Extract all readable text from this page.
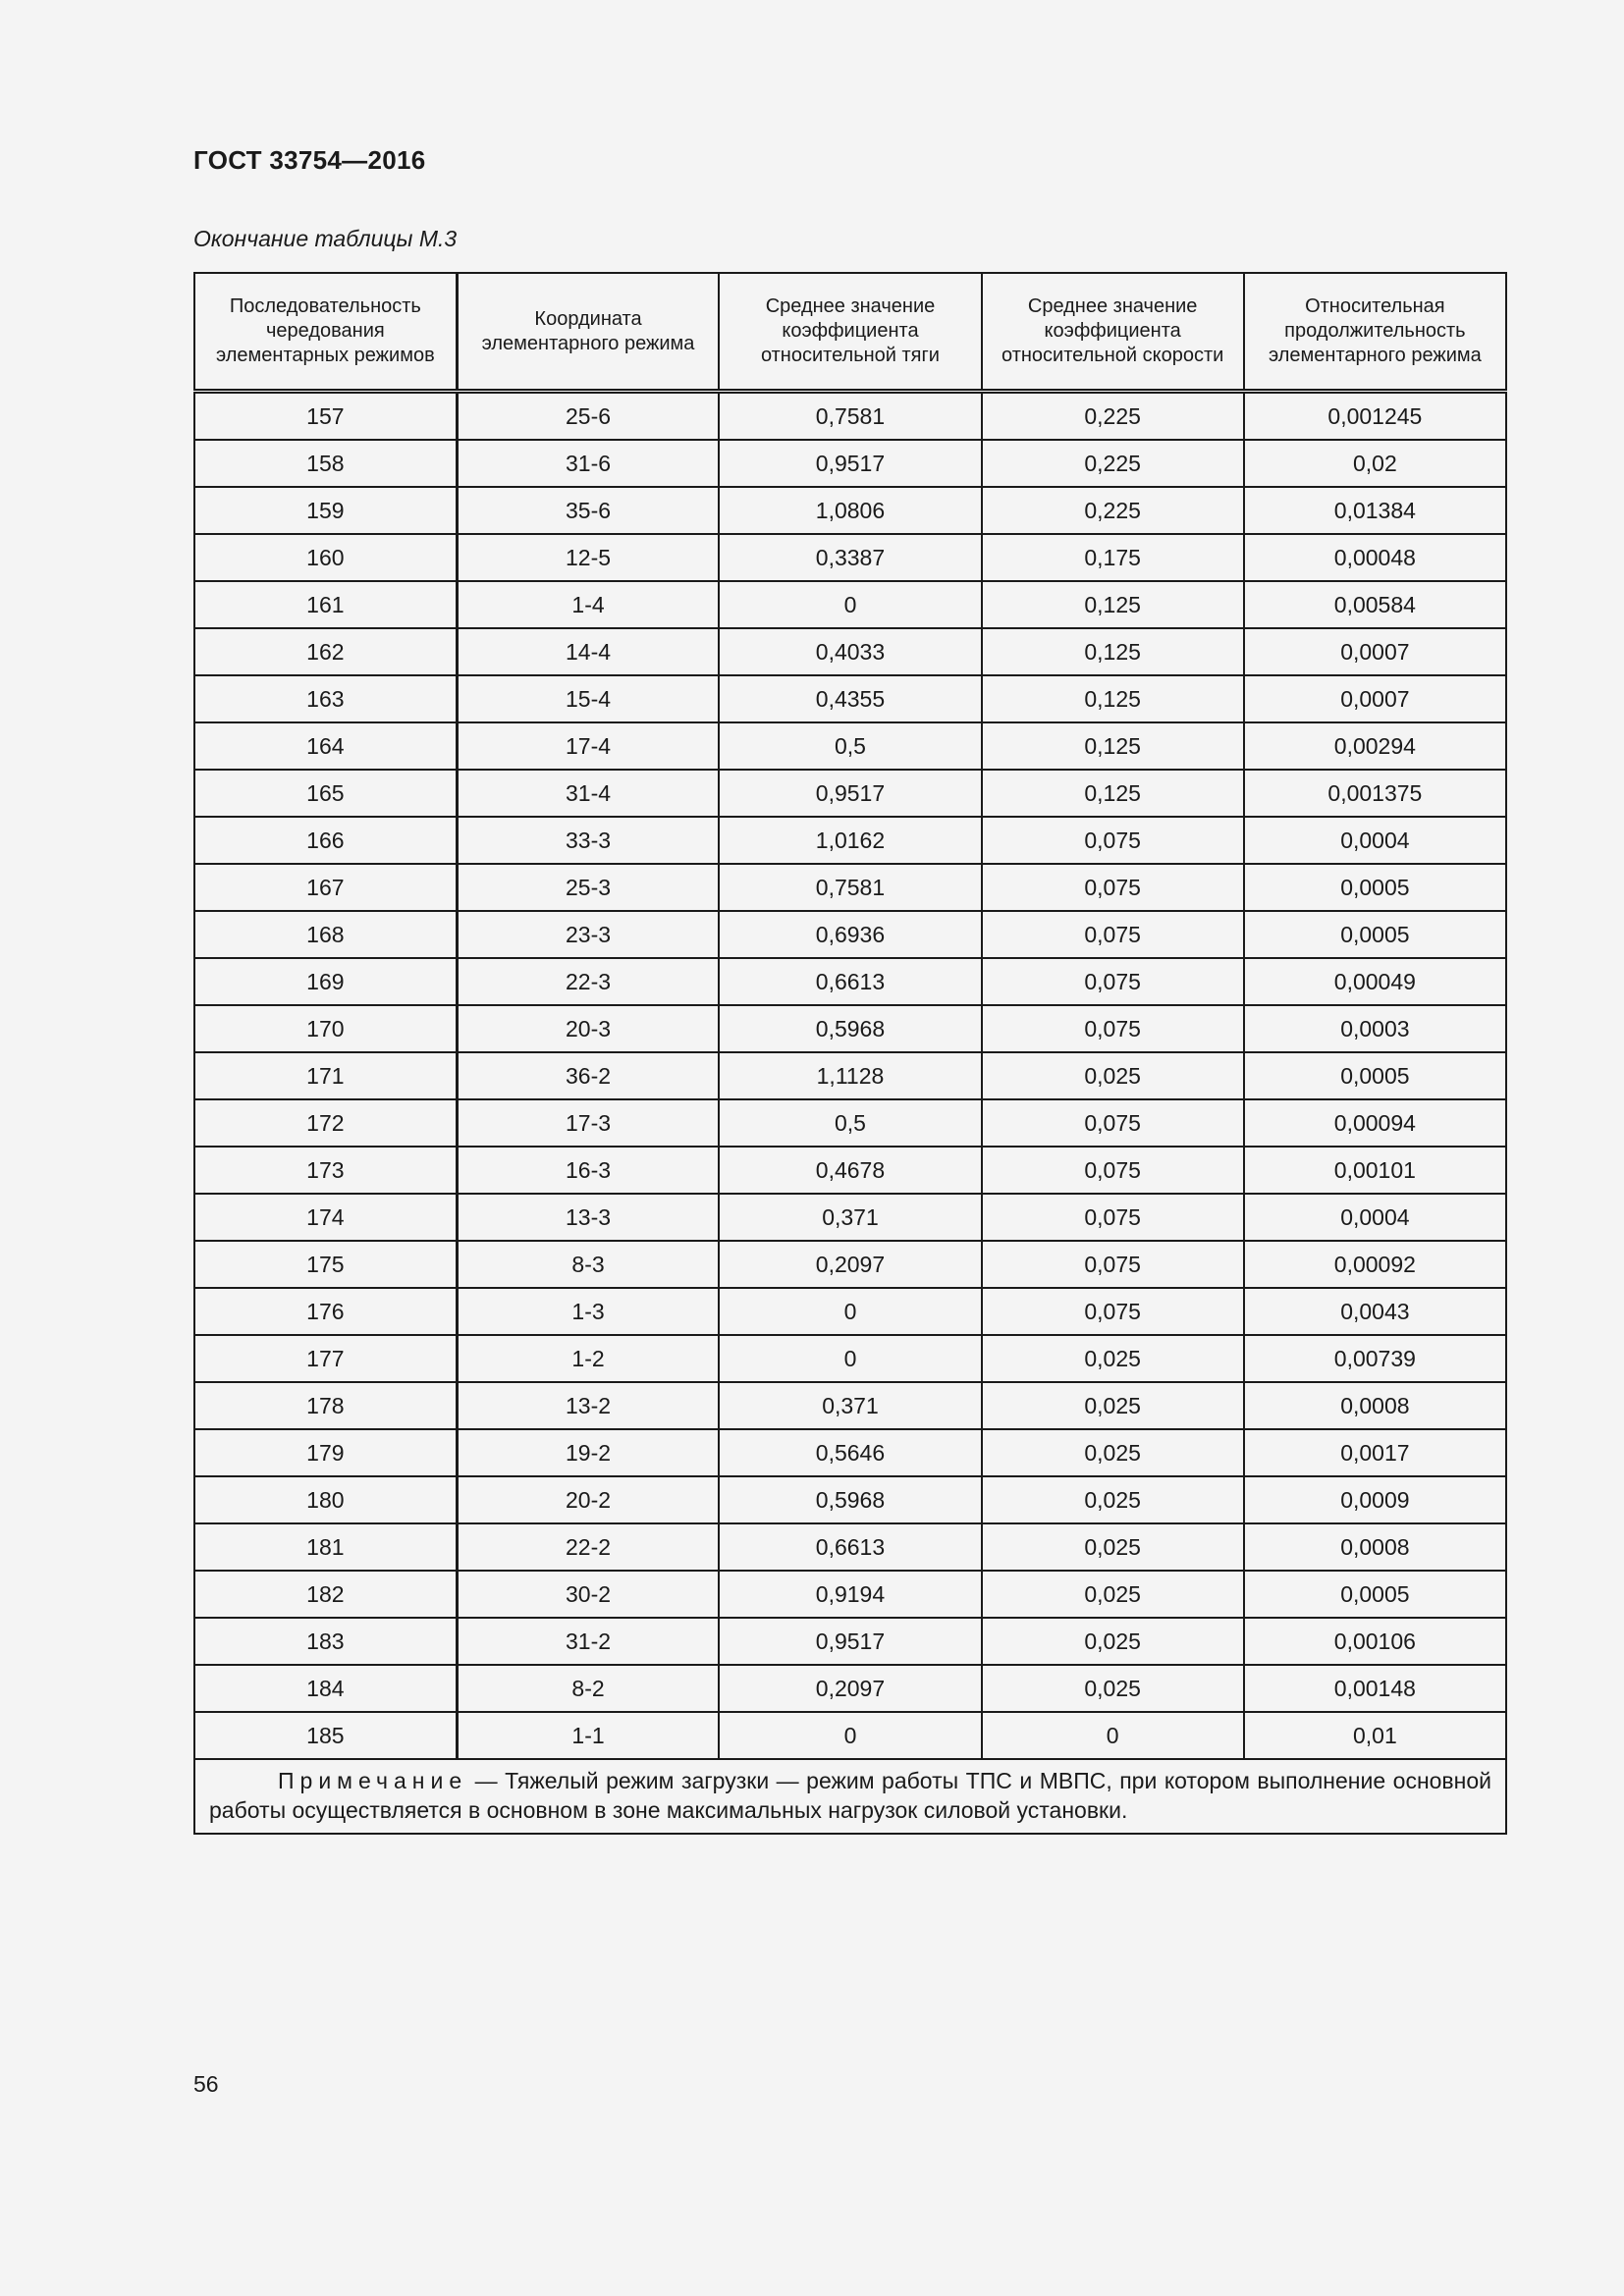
ГОСТ 33754—2016
Окончание таблицы М.3
Последовательность чередования элементарных режимов	Координата элементарного режима	Среднее значение коэффициента относительной тяги	Среднее значение коэффициента относительной скорости	Относительная продолжительность элементарного режима
157	25-6	0,7581	0,225	0,001245
158	31-6	0,9517	0,225	0,02
159	35-6	1,0806	0,225	0,01384
160	12-5	0,3387	0,175	0,00048
161	1-4	0	0,125	0,00584
162	14-4	0,4033	0,125	0,0007
163	15-4	0,4355	0,125	0,0007
164	17-4	0,5	0,125	0,00294
165	31-4	0,9517	0,125	0,001375
166	33-3	1,0162	0,075	0,0004
167	25-3	0,7581	0,075	0,0005
168	23-3	0,6936	0,075	0,0005
169	22-3	0,6613	0,075	0,00049
170	20-3	0,5968	0,075	0,0003
171	36-2	1,1128	0,025	0,0005
172	17-3	0,5	0,075	0,00094
173	16-3	0,4678	0,075	0,00101
174	13-3	0,371	0,075	0,0004
175	8-3	0,2097	0,075	0,00092
176	1-3	0	0,075	0,0043
177	1-2	0	0,025	0,00739
178	13-2	0,371	0,025	0,0008
179	19-2	0,5646	0,025	0,0017
180	20-2	0,5968	0,025	0,0009
181	22-2	0,6613	0,025	0,0008
182	30-2	0,9194	0,025	0,0005
183	31-2	0,9517	0,025	0,00106
184	8-2	0,2097	0,025	0,00148
185	1-1	0	0	0,01
Примечание — Тяжелый режим загрузки — режим работы ТПС и МВПС, при котором выполнение основной работы осуществляется в основном в зоне максимальных нагрузок силовой установки.				
56
